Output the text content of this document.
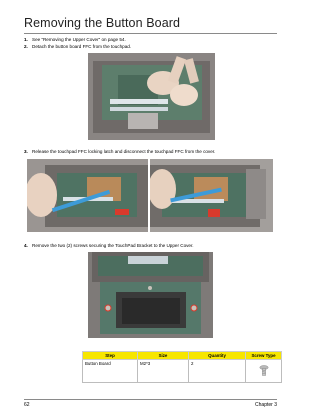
Removing the Button Board
1. See “Removing the Upper Cover” on page 54.
2. Detach the button board FFC from the touchpad.
3. Release the touchpad FFC locking latch and disconnect the touchpad FFC from the cover.
4. Remove the two (2) screws securing the TouchPad Bracket to the Upper Cover.
Step	Size	Quantity	Screw Type
Button Board	M2*3	2	
62	Chapter 3
